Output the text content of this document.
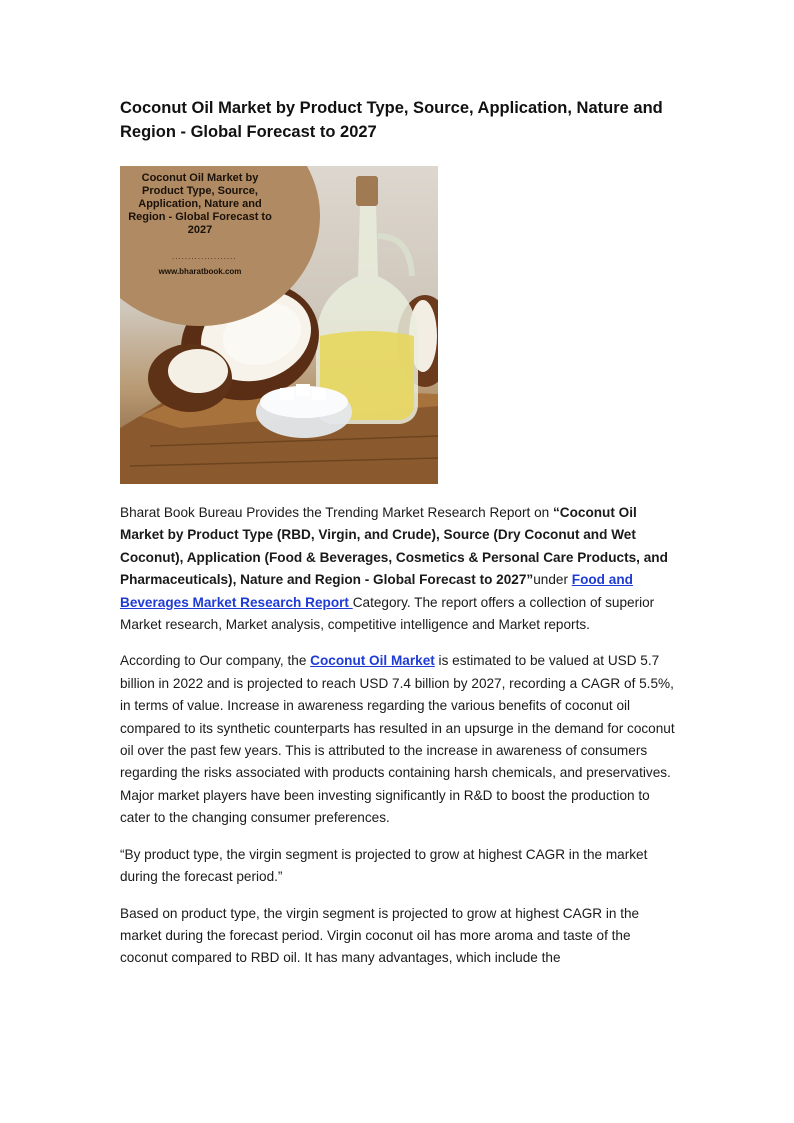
Coconut Oil Market by Product Type, Source, Application, Nature and Region - Global Forecast to 2027
Coconut Oil Market by Product Type, Source, Application, Nature and Region - Global Forecast to 2027
....................
www.bharatbook.com

Bharat Book Bureau Provides the Trending Market Research Report on “Coconut Oil Market by Product Type (RBD, Virgin, and Crude), Source (Dry Coconut and Wet Coconut), Application (Food & Beverages, Cosmetics & Personal Care Products, and Pharmaceuticals), Nature and Region - Global Forecast to 2027”under Food and Beverages Market Research Report Category. The report offers a collection of superior Market research, Market analysis, competitive intelligence and Market reports.

According to Our company, the Coconut Oil Market is estimated to be valued at USD 5.7 billion in 2022 and is projected to reach USD 7.4 billion by 2027, recording a CAGR of 5.5%, in terms of value. Increase in awareness regarding the various benefits of coconut oil compared to its synthetic counterparts has resulted in an upsurge in the demand for coconut oil over the past few years. This is attributed to the increase in awareness of consumers regarding the risks associated with products containing harsh chemicals, and preservatives. Major market players have been investing significantly in R&D to boost the production to cater to the changing consumer preferences.

“By product type, the virgin segment is projected to grow at highest CAGR in the market during the forecast period.”

Based on product type, the virgin segment is projected to grow at highest CAGR in the market during the forecast period. Virgin coconut oil has more aroma and taste of the coconut compared to RBD oil. It has many advantages, which include the
